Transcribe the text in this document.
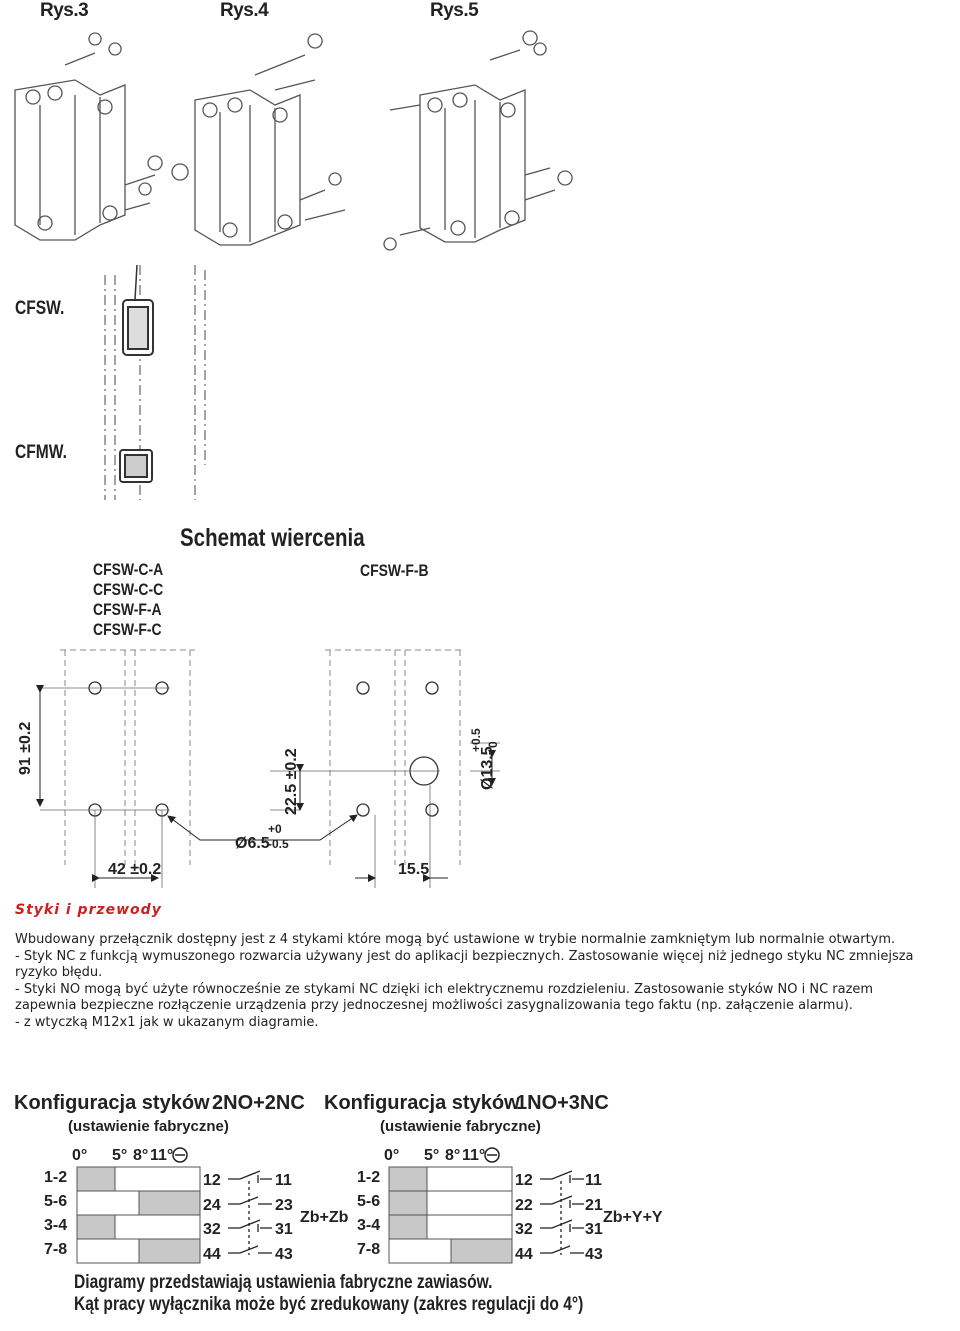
Rys.3	Rys.4	Rys.5
CFSW.
CFMW.
Schemat wiercenia
CFSW-C-A
CFSW-C-C
CFSW-F-A
CFSW-F-C
CFSW-F-B
91 ±0.2
42 ±0.2
22.5 ±0.2
Ø6.5
+0
-0.5
Ø13.5
+0.5 0
15.5
Styki i przewody

Wbudowany przełącznik dostępny jest z 4 stykami które mogą być ustawione w trybie normalnie zamkniętym lub normalnie otwartym.

- Styk NC z funkcją wymuszonego rozwarcia używany jest do aplikacji bezpiecznych. Zastosowanie więcej niż jednego styku NC zmniejsza ryzyko błędu.

- Styki NO mogą być użyte równocześnie ze stykami NC dzięki ich elektrycznemu rozdzieleniu. Zastosowanie styków NO i NC razem zapewnia bezpieczne rozłączenie urządzenia przy jednoczesnej możliwości zasygnalizowania tego faktu (np. załączenie alarmu).

- z wtyczką M12x1 jak w ukazanym diagramie.

Konfiguracja styków 2NO+2NC
(ustawienie fabryczne)
0° 5° 8° 11°
1-2
5-6
3-4
7-8
12
24
32
44
11
23
31
43
Zb+Zb
Konfiguracja styków
1NO+3NC
(ustawienie fabryczne)
0° 5° 8° 11°
1-2
5-6
3-4
7-8
12
22
32
44
11
21
31
43
Zb+Y+Y
Diagramy przedstawiają ustawienia fabryczne zawiasów.
Kąt pracy wyłącznika może być zredukowany (zakres regulacji do 4°)
